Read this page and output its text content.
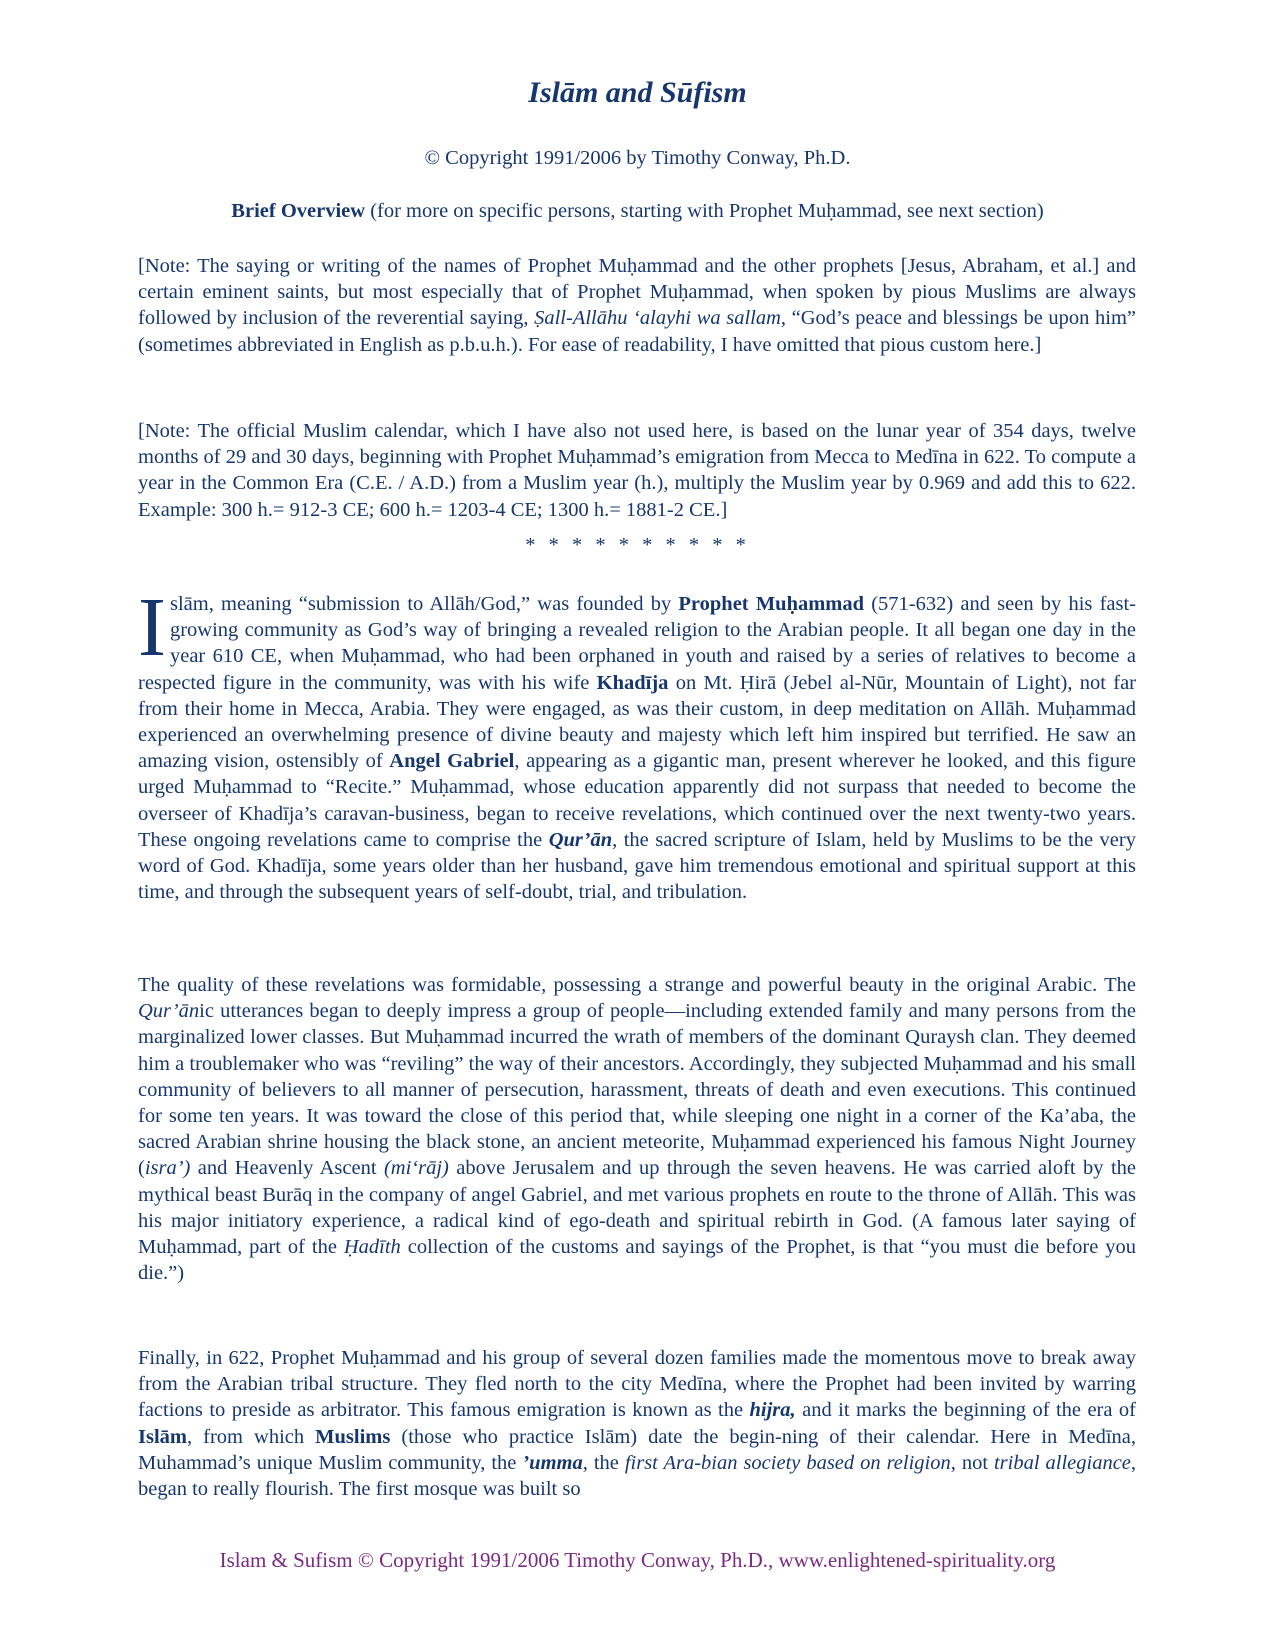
Islām and Sūfism

© Copyright 1991/2006 by Timothy Conway, Ph.D.

Brief Overview (for more on specific persons, starting with Prophet Muḥammad, see next section)

[Note: The saying or writing of the names of Prophet Muḥammad and the other prophets [Jesus, Abraham, et al.] and certain eminent saints, but most especially that of Prophet Muḥammad, when spoken by pious Muslims are always followed by inclusion of the reverential saying, Ṣall-Allāhu ‘alayhi wa sallam, “God’s peace and blessings be upon him” (sometimes abbreviated in English as p.b.u.h.). For ease of readability, I have omitted that pious custom here.]

[Note: The official Muslim calendar, which I have also not used here, is based on the lunar year of 354 days, twelve months of 29 and 30 days, beginning with Prophet Muḥammad’s emigration from Mecca to Medīna in 622. To compute a year in the Common Era (C.E. / A.D.) from a Muslim year (h.), multiply the Muslim year by 0.969 and add this to 622. Example: 300 h.= 912-3 CE; 600 h.= 1203-4 CE; 1300 h.= 1881-2 CE.]

* * * * * * * * * *

Islām, meaning “submission to Allāh/God,” was founded by Prophet Muḥammad (571-632) and seen by his fast-growing community as God’s way of bringing a revealed religion to the Arabian people. It all began one day in the year 610 CE, when Muḥammad, who had been orphaned in youth and raised by a series of relatives to become a respected figure in the community, was with his wife Khadīja on Mt. Ḥirā (Jebel al-Nūr, Mountain of Light), not far from their home in Mecca, Arabia. They were engaged, as was their custom, in deep meditation on Allāh. Muḥammad experienced an overwhelming presence of divine beauty and majesty which left him inspired but terrified. He saw an amazing vision, ostensibly of Angel Gabriel, appearing as a gigantic man, present wherever he looked, and this figure urged Muḥammad to “Recite.” Muḥammad, whose education apparently did not surpass that needed to become the overseer of Khadīja’s caravan-business, began to receive revelations, which continued over the next twenty-two years. These ongoing revelations came to comprise the Qur’ān, the sacred scripture of Islam, held by Muslims to be the very word of God. Khadīja, some years older than her husband, gave him tremendous emotional and spiritual support at this time, and through the subsequent years of self-doubt, trial, and tribulation.

The quality of these revelations was formidable, possessing a strange and powerful beauty in the original Arabic. The Qur’ānic utterances began to deeply impress a group of people—including extended family and many persons from the marginalized lower classes. But Muḥammad incurred the wrath of members of the dominant Quraysh clan. They deemed him a troublemaker who was “reviling” the way of their ancestors. Accordingly, they subjected Muḥammad and his small community of believers to all manner of persecution, harassment, threats of death and even executions. This continued for some ten years. It was toward the close of this period that, while sleeping one night in a corner of the Ka’aba, the sacred Arabian shrine housing the black stone, an ancient meteorite, Muḥammad experienced his famous Night Journey (isra’) and Heavenly Ascent (mi‘rāj) above Jerusalem and up through the seven heavens. He was carried aloft by the mythical beast Burāq in the company of angel Gabriel, and met various prophets en route to the throne of Allāh. This was his major initiatory experience, a radical kind of ego-death and spiritual rebirth in God. (A famous later saying of Muḥammad, part of the Ḥadīth collection of the customs and sayings of the Prophet, is that “you must die before you die.”)

Finally, in 622, Prophet Muḥammad and his group of several dozen families made the momentous move to break away from the Arabian tribal structure. They fled north to the city Medīna, where the Prophet had been invited by warring factions to preside as arbitrator. This famous emigration is known as the hijra, and it marks the beginning of the era of Islām, from which Muslims (those who practice Islām) date the begin-ning of their calendar. Here in Medīna, Muhammad’s unique Muslim community, the ’umma, the first Ara-bian society based on religion, not tribal allegiance, began to really flourish. The first mosque was built so

Islam & Sufism © Copyright 1991/2006 Timothy Conway, Ph.D., www.enlightened-spirituality.org
